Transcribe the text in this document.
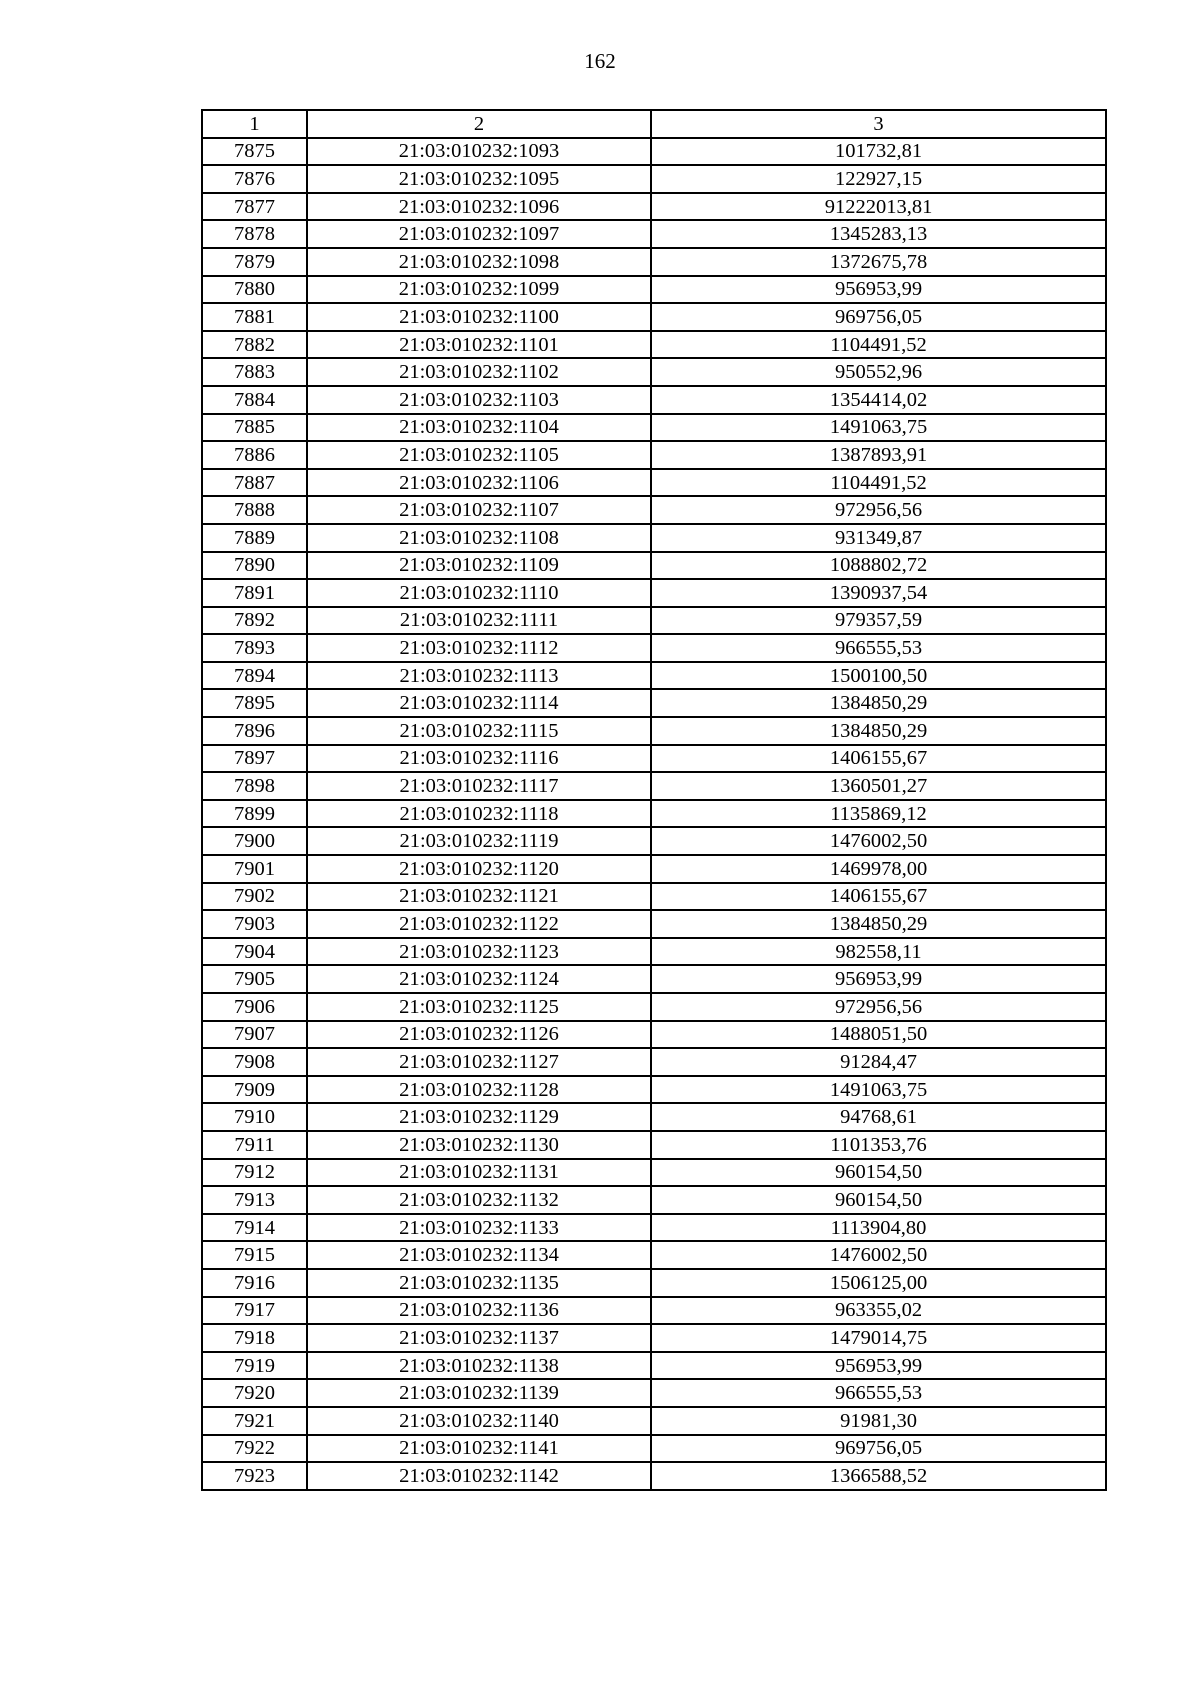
162
1	2	3
7875	21:03:010232:1093	101732,81
7876	21:03:010232:1095	122927,15
7877	21:03:010232:1096	91222013,81
7878	21:03:010232:1097	1345283,13
7879	21:03:010232:1098	1372675,78
7880	21:03:010232:1099	956953,99
7881	21:03:010232:1100	969756,05
7882	21:03:010232:1101	1104491,52
7883	21:03:010232:1102	950552,96
7884	21:03:010232:1103	1354414,02
7885	21:03:010232:1104	1491063,75
7886	21:03:010232:1105	1387893,91
7887	21:03:010232:1106	1104491,52
7888	21:03:010232:1107	972956,56
7889	21:03:010232:1108	931349,87
7890	21:03:010232:1109	1088802,72
7891	21:03:010232:1110	1390937,54
7892	21:03:010232:1111	979357,59
7893	21:03:010232:1112	966555,53
7894	21:03:010232:1113	1500100,50
7895	21:03:010232:1114	1384850,29
7896	21:03:010232:1115	1384850,29
7897	21:03:010232:1116	1406155,67
7898	21:03:010232:1117	1360501,27
7899	21:03:010232:1118	1135869,12
7900	21:03:010232:1119	1476002,50
7901	21:03:010232:1120	1469978,00
7902	21:03:010232:1121	1406155,67
7903	21:03:010232:1122	1384850,29
7904	21:03:010232:1123	982558,11
7905	21:03:010232:1124	956953,99
7906	21:03:010232:1125	972956,56
7907	21:03:010232:1126	1488051,50
7908	21:03:010232:1127	91284,47
7909	21:03:010232:1128	1491063,75
7910	21:03:010232:1129	94768,61
7911	21:03:010232:1130	1101353,76
7912	21:03:010232:1131	960154,50
7913	21:03:010232:1132	960154,50
7914	21:03:010232:1133	1113904,80
7915	21:03:010232:1134	1476002,50
7916	21:03:010232:1135	1506125,00
7917	21:03:010232:1136	963355,02
7918	21:03:010232:1137	1479014,75
7919	21:03:010232:1138	956953,99
7920	21:03:010232:1139	966555,53
7921	21:03:010232:1140	91981,30
7922	21:03:010232:1141	969756,05
7923	21:03:010232:1142	1366588,52
